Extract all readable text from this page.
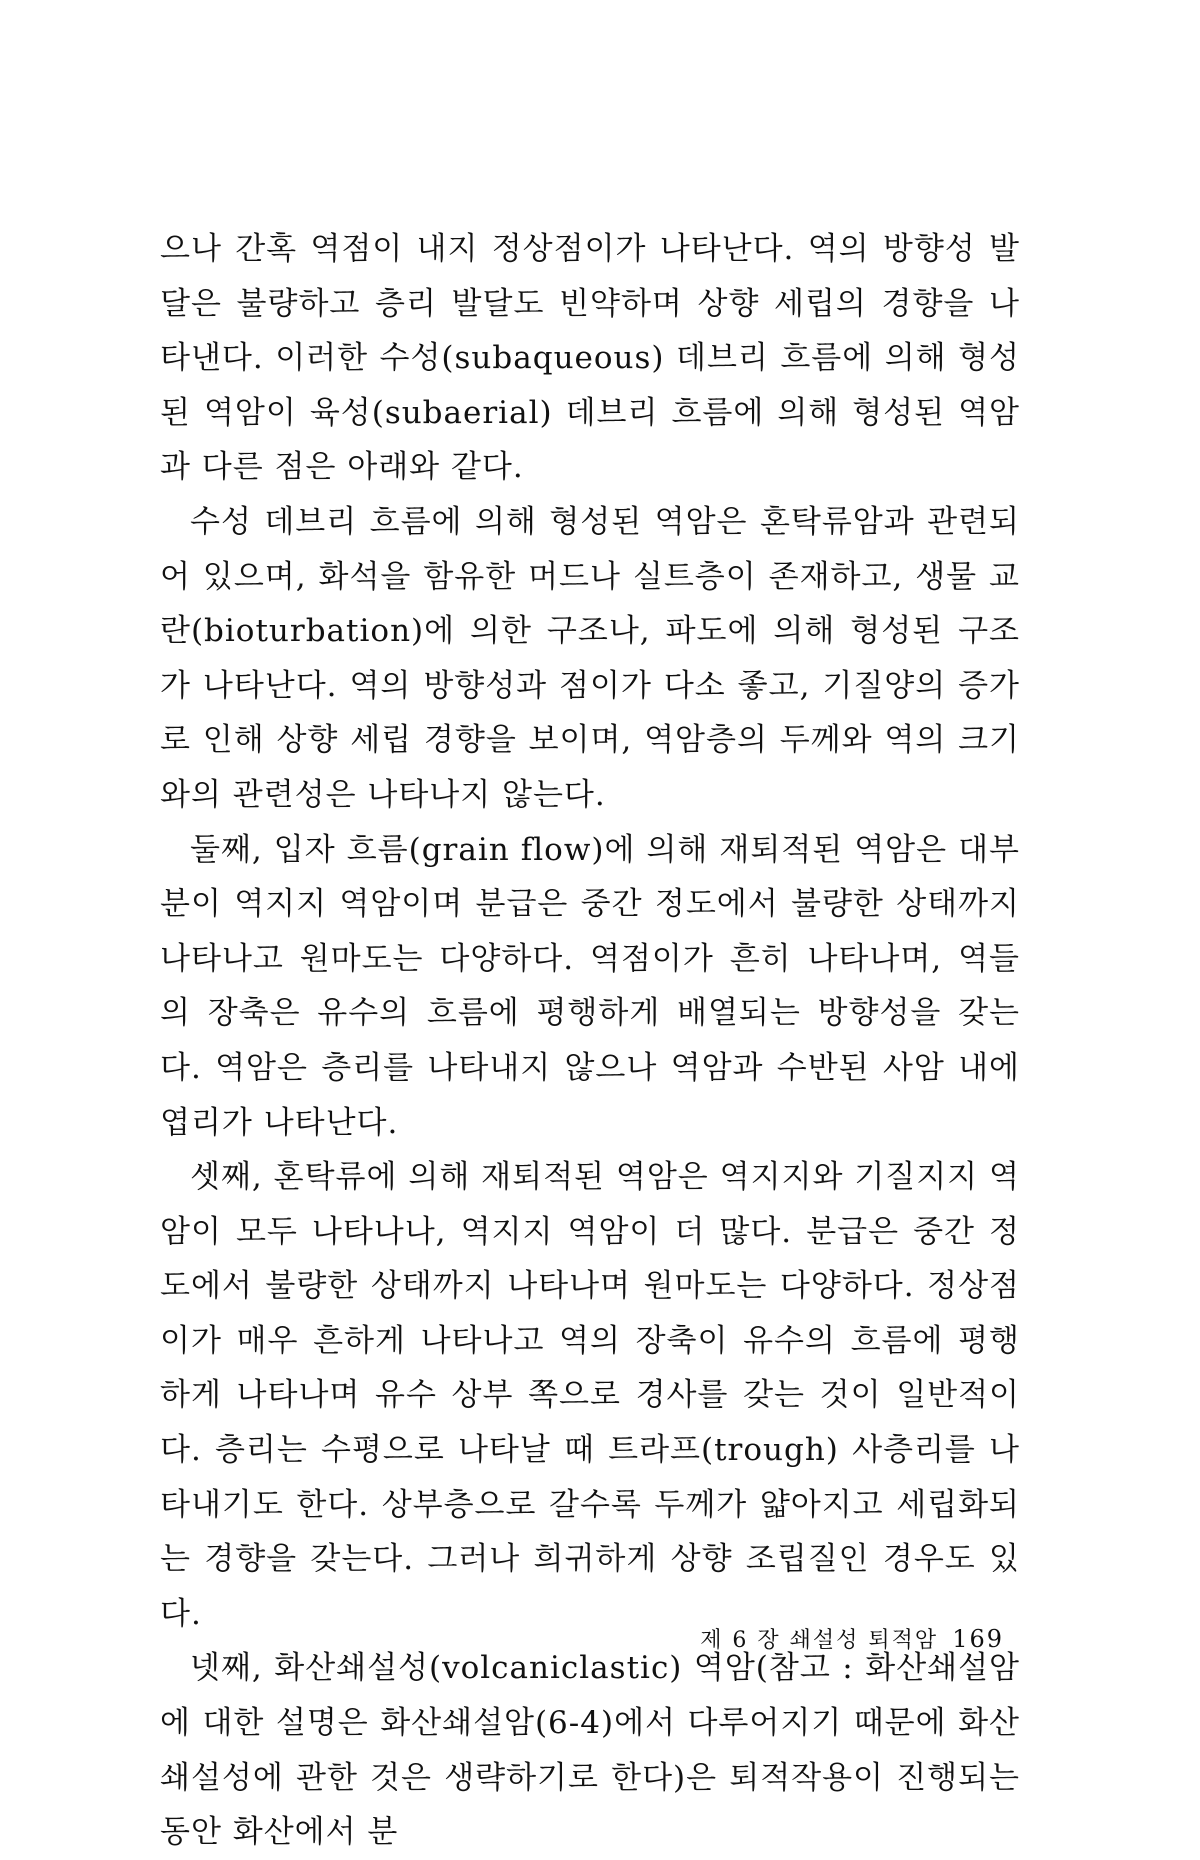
으나 간혹 역점이 내지 정상점이가 나타난다. 역의 방향성 발달은 불량하고 층리 발달도 빈약하며 상향 세립의 경향을 나타낸다. 이러한 수성(subaqueous) 데브리 흐름에 의해 형성된 역암이 육성(subaerial) 데브리 흐름에 의해 형성된 역암과 다른 점은 아래와 같다.

수성 데브리 흐름에 의해 형성된 역암은 혼탁류암과 관련되어 있으며, 화석을 함유한 머드나 실트층이 존재하고, 생물 교란(bioturbation)에 의한 구조나, 파도에 의해 형성된 구조가 나타난다. 역의 방향성과 점이가 다소 좋고, 기질양의 증가로 인해 상향 세립 경향을 보이며, 역암층의 두께와 역의 크기와의 관련성은 나타나지 않는다.

둘째, 입자 흐름(grain flow)에 의해 재퇴적된 역암은 대부분이 역지지 역암이며 분급은 중간 정도에서 불량한 상태까지 나타나고 원마도는 다양하다. 역점이가 흔히 나타나며, 역들의 장축은 유수의 흐름에 평행하게 배열되는 방향성을 갖는다. 역암은 층리를 나타내지 않으나 역암과 수반된 사암 내에 엽리가 나타난다.

셋째, 혼탁류에 의해 재퇴적된 역암은 역지지와 기질지지 역암이 모두 나타나나, 역지지 역암이 더 많다. 분급은 중간 정도에서 불량한 상태까지 나타나며 원마도는 다양하다. 정상점이가 매우 흔하게 나타나고 역의 장축이 유수의 흐름에 평행하게 나타나며 유수 상부 쪽으로 경사를 갖는 것이 일반적이다. 층리는 수평으로 나타날 때 트라프(trough) 사층리를 나타내기도 한다. 상부층으로 갈수록 두께가 얇아지고 세립화되는 경향을 갖는다. 그러나 희귀하게 상향 조립질인 경우도 있다.

넷째, 화산쇄설성(volcaniclastic) 역암(참고 : 화산쇄설암에 대한 설명은 화산쇄설암(6-4)에서 다루어지기 때문에 화산쇄설성에 관한 것은 생략하기로 한다)은 퇴적작용이 진행되는 동안 화산에서 분

제 6 장 쇄설성 퇴적암 169
